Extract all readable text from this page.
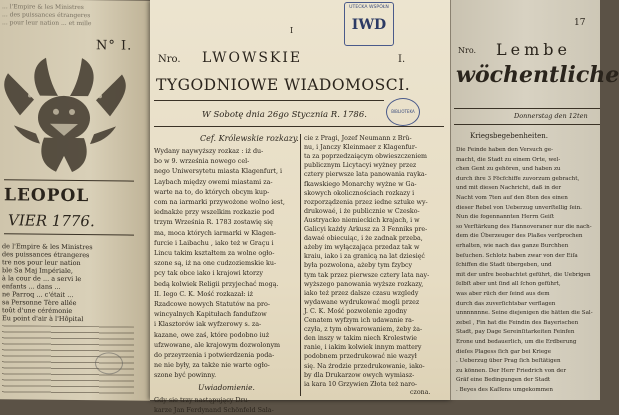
... l'Empire & les Ministres
... des puissances étrangeres
... pour leur nation ... et mille
N° I.
LEOPOL
VIER 1776.
de l'Empire & les Ministres
des puissances étrangeres
tre nos pour leur nation
ble Sa Maj Impériale,
à la cour de ... a servi le
enfants ... dans ...
ne Parroq ... c'était ...
sa Personne Tère allée
toût d'une cérémonie
Eu point d'air à l'Hôpital
I
UTECKA WSPÓŁN
IWD
Nro. LWOWSKIE	I.
TYGODNIOWE WIADOMOSCI.
BIBLIOTEKA
W Sobotę dnia 26go Stycznia R. 1786.
Cef. Królewskie rozkazy.
Wydany naywyższy rozkaz : iż du-
bo w 9. września nowego cel-
nego Uniwersytetu miasta Klagenfurt, i
Laybach między owemi miastami za-
warte na to, do których obcym kup-
com na iarmarki przywożone wolno iest,
iednakże przy wszelkim rozkazie pod
trzym Września R. 1783 zostawię się
ma, moca których iarmarki w Klagen-
furcie i Laibachu , iako też w Graçu i
Lincu takim kształtem za wolne ogło-
szone są, iż na one cudzoziemskie ku-
pcy tak obce iako i krajowi ktorzy
bedą kolwiek Religii przyjechać mogą.
II. Iego C. K. Mość rozkazał: iż
Rzadcowe nowych Statutów na pro-
wincyalnych Kapitułach fandufzow
i Klasztorów iak wyfzerowy s. za-
kazane, owe zaś, które podobno iuż
ufzwowane, ale krajowym dozwolonym
do przeyrzenia i potwierdzenia poda-
ne nie były, za także nie warte ogło-
szone być powinny.
Uwiadomienie.
Gdy sie trzy nastąpujący Dru-
karze Jan Ferdynand Schönfeld Sala-
cie z Pragi, Jozef Neumann z Brü-
nu, i Janczy Kleinmaer z Klagenfur-
ta za poprzedzaiącym obwieszczeniem
publicznym Licytacyi wyżney przez
cztery pierwsze lata panowania rayka-
fkawskiego Monarchy wyżne w Ga-
skowych okolicznościach rozkazy i
rozporządzenia przez iedne sztuke wy-
drukowaé, i że publicznie w Czesko-
Austryacko niemieckich krajach, i w
Galicyi każdy Arkusz za 3 Fenniks pre-
dawaé obiecuiąc, i że zadnak przeba,
ażeby im wyłączająca przedaz tak w
kraiu, iako i za granicą na lat dziesięć
była pozwolona, ażeby tym fzybcy
tym tak przez pierwsze cztery lata nay-
wyższego panowania wyższe rozkazy,
iako też przez dalsze czasu wzgledy
wydawane wydrukować mogli przez
J. C. K. Mość pozwolenie zgodny
Cenatem wyfzym ich udawanie ra-
czyła, z tym obwarowaniem, żeby ża-
den inszy w takim niech Krolestwie
ranie, i iakim kolwiek innym mattery
podobnem przedrukować nie wazył
się. Na źrodzie przedrukowanie, iako-
by dla Drukarzow owych wymiasz-
ia kara 10 Grzywien Złota też naro-
czona.
17
Nro. Lembe
wöchentliche
Donnerstag den 12ten
Kriegsbegebenheiten.
Die Feinde haben den Versuch ge-
macht, die Stadt zu einem Orte, wel-
chen Gent zu gehören, und haben zu
durch ihre 3 Föcfchiffe zuvorzum gebracht,
und mit diesen Nachricht, daß in der
Nacht vom 7ten auf den 8ten des einen
dieser Rebel von Ueberzug unverſtellig ſein.
Nun die fogennannten Herrn Geiſt
so Verſtärkung des Hannoveraner nur die nach-
dem die Überzeuger des Plaßes verſprochen
erhalten, wie nach das ganze Burchhen
beſuchen. Schlotz haben zwar von der Eiſa
ſchiffen die Stadt übergeben, und
mit der unſre beobachtet geführt, die Uebrigen
ſelbſt aber unt ſind all ſchon geführt,
was aber rüch der ſeind aus dem
durch das zuverſichtsbar verflagen
unnnnnnne. Seine diejenigen die hätten die Sal-
zebel , Fin hat die Feindin des Bayerischen
Stadt, pay Dage Sereinſitarkeiten Feinfen
Erone und bedauerlich, um die Erdberung
dieſes Plagess ſich gar bei Kriege
. Ueberzug über Prag ſich beſtätigen
zu können. Der Herr Friedrich von der
Gräf eine Bedingungen der Stadt
. Beyes des Kaſſens umgekommen
